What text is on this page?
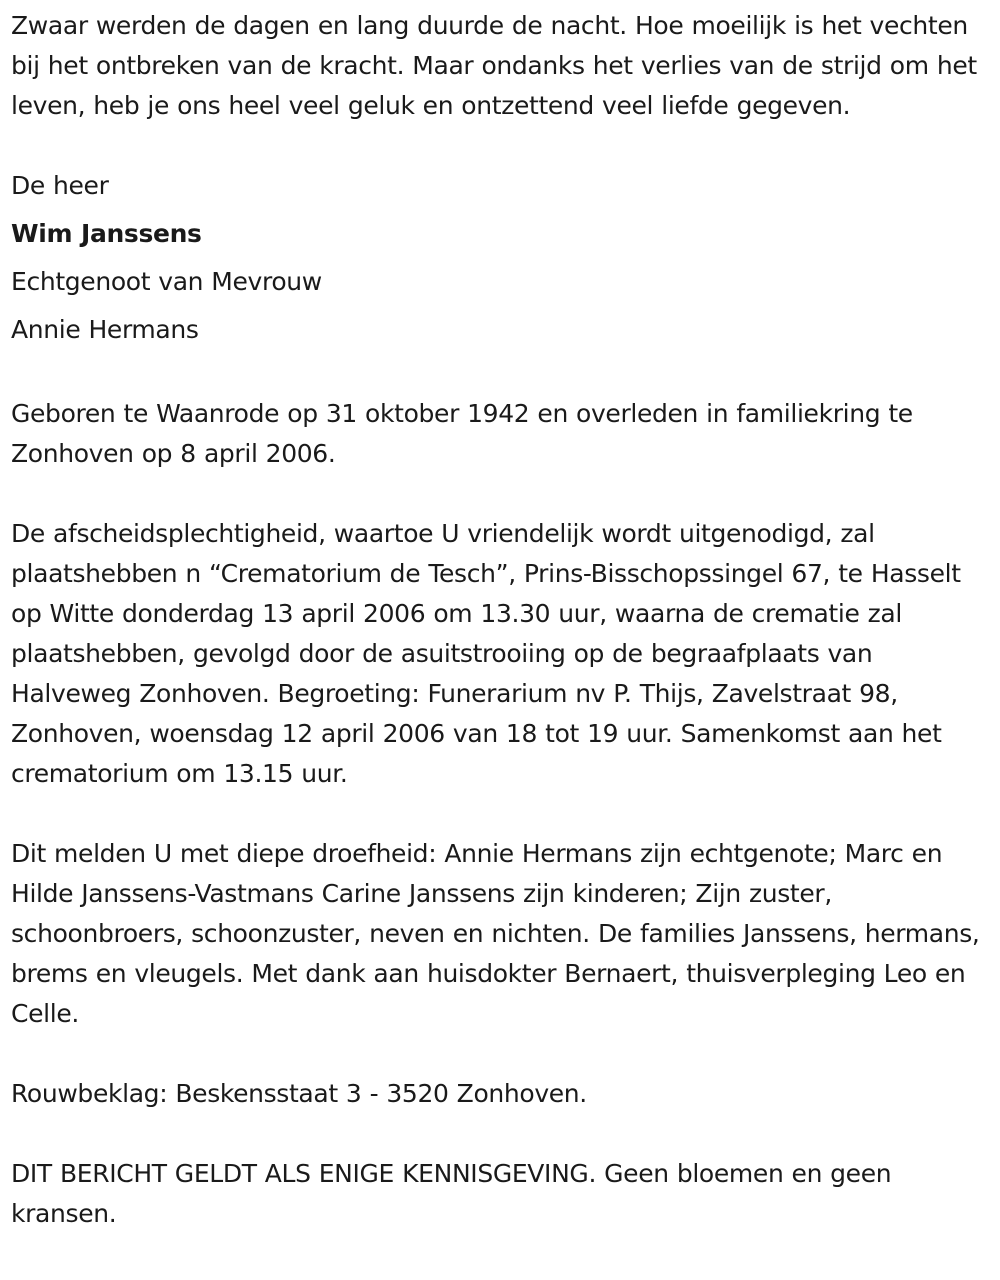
Zwaar werden de dagen en lang duurde de nacht. Hoe moeilijk is het vechten bij het ontbreken van de kracht. Maar ondanks het verlies van de strijd om het leven, heb je ons heel veel geluk en ontzettend veel liefde gegeven.

De heer

Wim Janssens

Echtgenoot van Mevrouw

Annie Hermans

Geboren te Waanrode op 31 oktober 1942 en overleden in familiekring te Zonhoven op 8 april 2006.

De afscheidsplechtigheid, waartoe U vriendelijk wordt uitgenodigd, zal plaatshebben n “Crematorium de Tesch”, Prins-Bisschopssingel 67, te Hasselt op Witte donderdag 13 april 2006 om 13.30 uur, waarna de crematie zal plaatshebben, gevolgd door de asuitstrooiing op de begraafplaats van Halveweg Zonhoven. Begroeting: Funerarium nv P. Thijs, Zavelstraat 98, Zonhoven, woensdag 12 april 2006 van 18 tot 19 uur. Samenkomst aan het crematorium om 13.15 uur.

Dit melden U met diepe droefheid: Annie Hermans zijn echtgenote; Marc en Hilde Janssens-Vastmans Carine Janssens zijn kinderen; Zijn zuster, schoonbroers, schoonzuster, neven en nichten. De families Janssens, hermans, brems en vleugels. Met dank aan huisdokter Bernaert, thuisverpleging Leo en Celle.

Rouwbeklag: Beskensstaat 3 - 3520 Zonhoven.

DIT BERICHT GELDT ALS ENIGE KENNISGEVING. Geen bloemen en geen kransen.
